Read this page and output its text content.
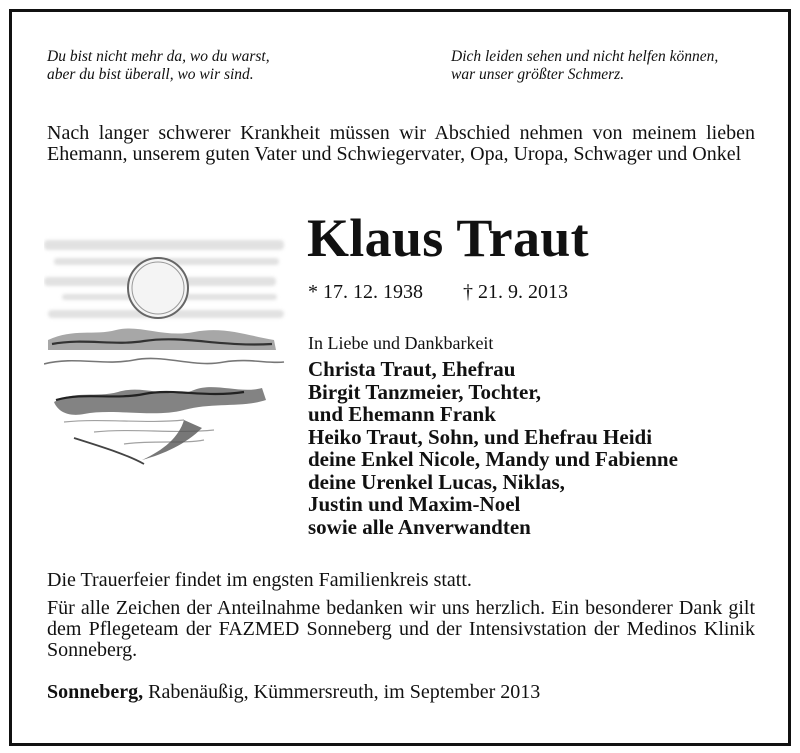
Du bist nicht mehr da, wo du warst,
aber du bist überall, wo wir sind.
Dich leiden sehen und nicht helfen können,
war unser größter Schmerz.
Nach langer schwerer Krankheit müssen wir Abschied nehmen von meinem lieben Ehemann, unserem guten Vater und Schwiegervater, Opa, Uropa, Schwager und Onkel
Klaus Traut
* 17. 12. 1938 † 21. 9. 2013
In Liebe und Dankbarkeit
Christa Traut, Ehefrau
Birgit Tanzmeier, Tochter,
und Ehemann Frank
Heiko Traut, Sohn, und Ehefrau Heidi
deine Enkel Nicole, Mandy und Fabienne
deine Urenkel Lucas, Niklas,
Justin und Maxim-Noel
sowie alle Anverwandten
Die Trauerfeier findet im engsten Familienkreis statt.
Für alle Zeichen der Anteilnahme bedanken wir uns herzlich. Ein besonderer Dank gilt dem Pflegeteam der FAZMED Sonneberg und der Intensivstation der Medinos Klinik Sonneberg.
Sonneberg, Rabenäußig, Kümmersreuth, im September 2013
